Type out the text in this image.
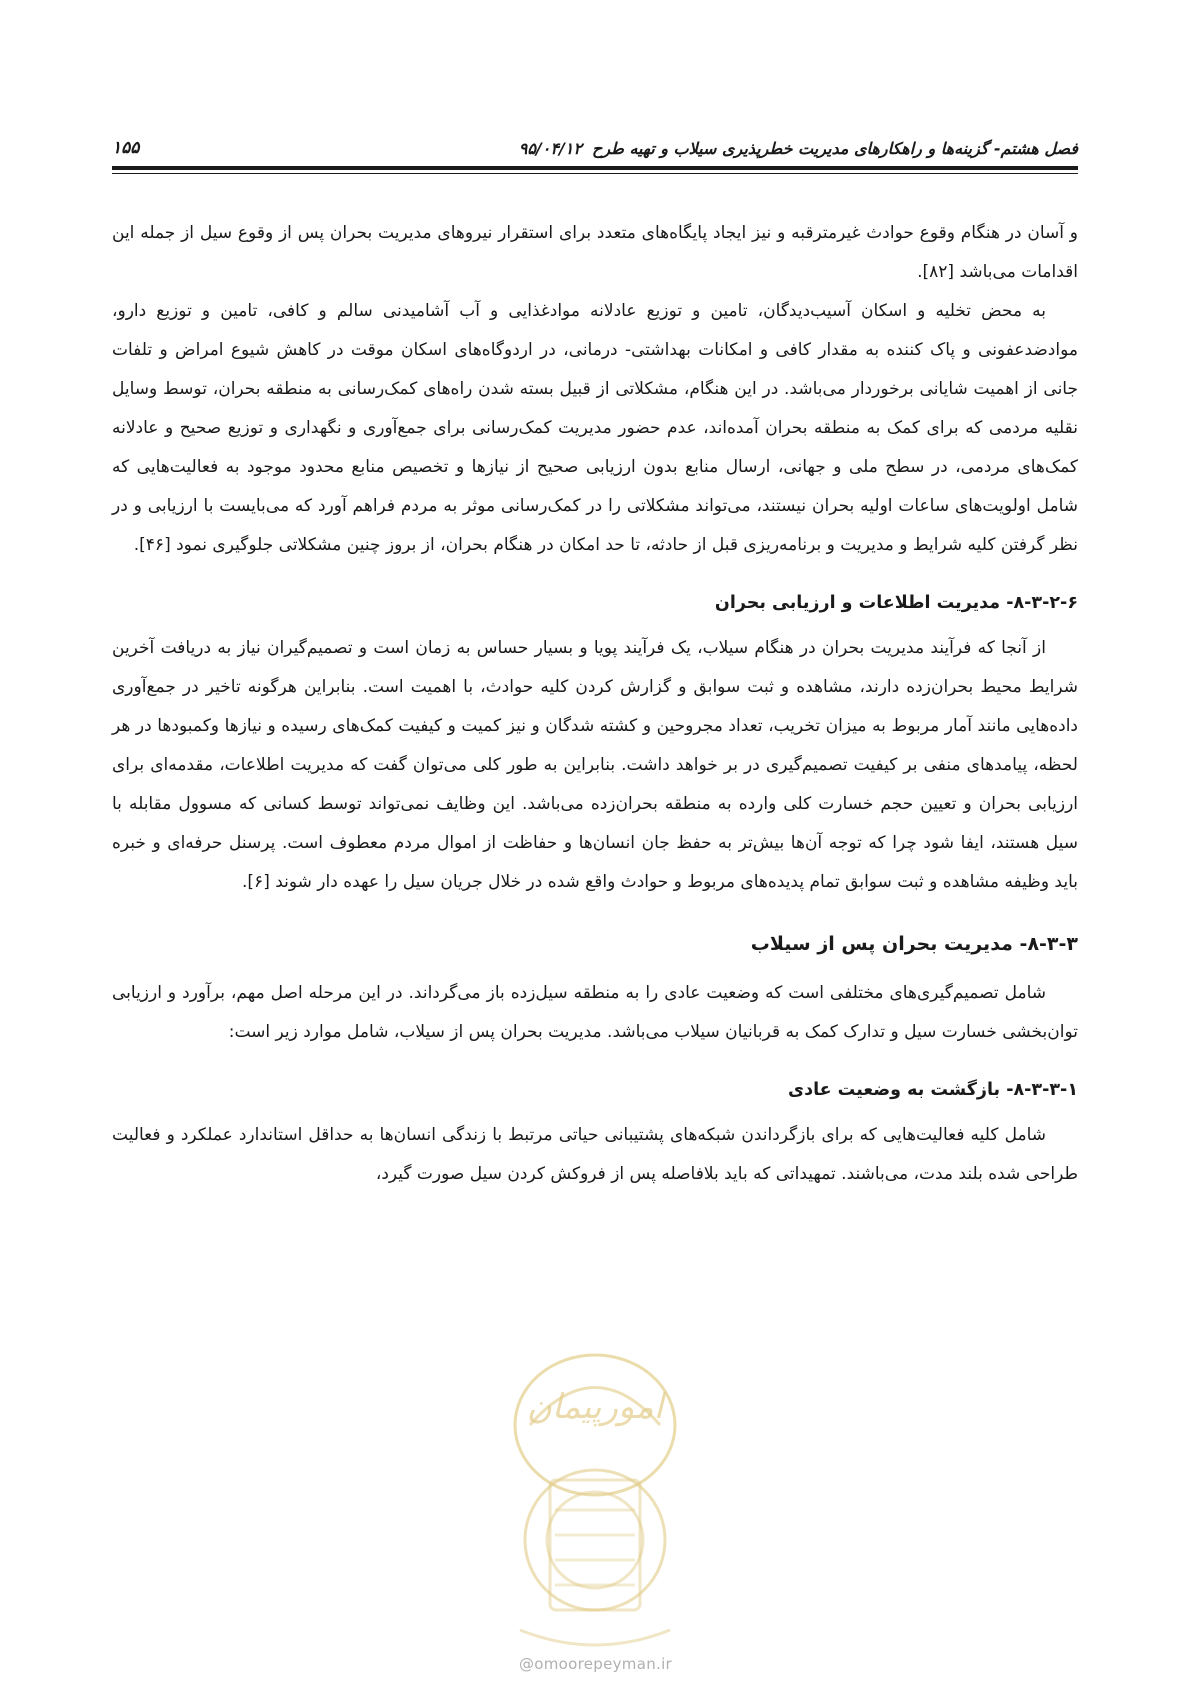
فصل هشتم- گزینه‌ها و راهکارهای مدیریت خطرپذیری سیلاب و تهیه طرح۹۵/۰۴/۱۲
۱۵۵

و آسان در هنگام وقوع حوادث غیرمترقبه و نیز ایجاد پایگاه‌های متعدد برای استقرار نیروهای مدیریت بحران پس از وقوع سیل از جمله این اقدامات می‌باشد [۸۲].

به محض تخلیه و اسکان آسیب‌دیدگان، تامین و توزیع عادلانه موادغذایی و آب آشامیدنی سالم و کافی، تامین و توزیع دارو، موادضدعفونی و پاک کننده به مقدار کافی و امکانات بهداشتی- درمانی، در اردوگاه‌های اسکان موقت در کاهش شیوع امراض و تلفات جانی از اهمیت شایانی برخوردار می‌باشد. در این هنگام، مشکلاتی از قبیل بسته شدن راه‌های کمک‌رسانی به منطقه بحران، توسط وسایل نقلیه مردمی که برای کمک به منطقه بحران آمده‌اند، عدم حضور مدیریت کمک‌رسانی برای جمع‌آوری و نگهداری و توزیع صحیح و عادلانه کمک‌های مردمی، در سطح ملی و جهانی، ارسال منابع بدون ارزیابی صحیح از نیازها و تخصیص منابع محدود موجود به فعالیت‌هایی که شامل اولویت‌های ساعات اولیه بحران نیستند، می‌تواند مشکلاتی را در کمک‌رسانی موثر به مردم فراهم آورد که می‌بایست با ارزیابی و در نظر گرفتن کلیه شرایط و مدیریت و برنامه‌ریزی قبل از حادثه، تا حد امکان در هنگام بحران، از بروز چنین مشکلاتی جلوگیری نمود [۴۶].

۸-۳-۲-۶- مدیریت اطلاعات و ارزیابی بحران

از آنجا که فرآیند مدیریت بحران در هنگام سیلاب، یک فرآیند پویا و بسیار حساس به زمان است و تصمیم‌گیران نیاز به دریافت آخرین شرایط محیط بحران‌زده دارند، مشاهده و ثبت سوابق و گزارش کردن کلیه حوادث، با اهمیت است. بنابراین هرگونه تاخیر در جمع‌آوری داده‌هایی مانند آمار مربوط به میزان تخریب، تعداد مجروحین و کشته شدگان و نیز کمیت و کیفیت کمک‌های رسیده و نیازها وکمبودها در هر لحظه، پیامدهای منفی بر کیفیت تصمیم‌گیری در بر خواهد داشت. بنابراین به طور کلی می‌توان گفت که مدیریت اطلاعات، مقدمه‌ای برای ارزیابی بحران و تعیین حجم خسارت کلی وارده به منطقه بحران‌زده می‌باشد. این وظایف نمی‌تواند توسط کسانی که مسوول مقابله با سیل هستند، ایفا شود چرا که توجه آن‌ها بیش‌تر به حفظ جان انسان‌ها و حفاظت از اموال مردم معطوف است. پرسنل حرفه‌ای و خبره باید وظیفه مشاهده و ثبت سوابق تمام پدیده‌های مربوط و حوادث واقع شده در خلال جریان سیل را عهده دار شوند [۶].

۸-۳-۳- مدیریت بحران پس از سیلاب

شامل تصمیم‌گیری‌های مختلفی است که وضعیت عادی را به منطقه سیل‌زده باز می‌گرداند. در این مرحله اصل مهم، برآورد و ارزیابی توان‌بخشی خسارت سیل و تدارک کمک به قربانیان سیلاب می‌باشد. مدیریت بحران پس از سیلاب، شامل موارد زیر است:

۸-۳-۳-۱- بازگشت به وضعیت عادی

شامل کلیه فعالیت‌هایی که برای بازگرداندن شبکه‌های پشتیبانی حیاتی مرتبط با زندگی انسان‌ها به حداقل استاندارد عملکرد و فعالیت طراحی شده بلند مدت، می‌باشند. تمهیداتی که باید بلافاصله پس از فروکش کردن سیل صورت گیرد،

امورپیمان
@omoorepeyman.ir
